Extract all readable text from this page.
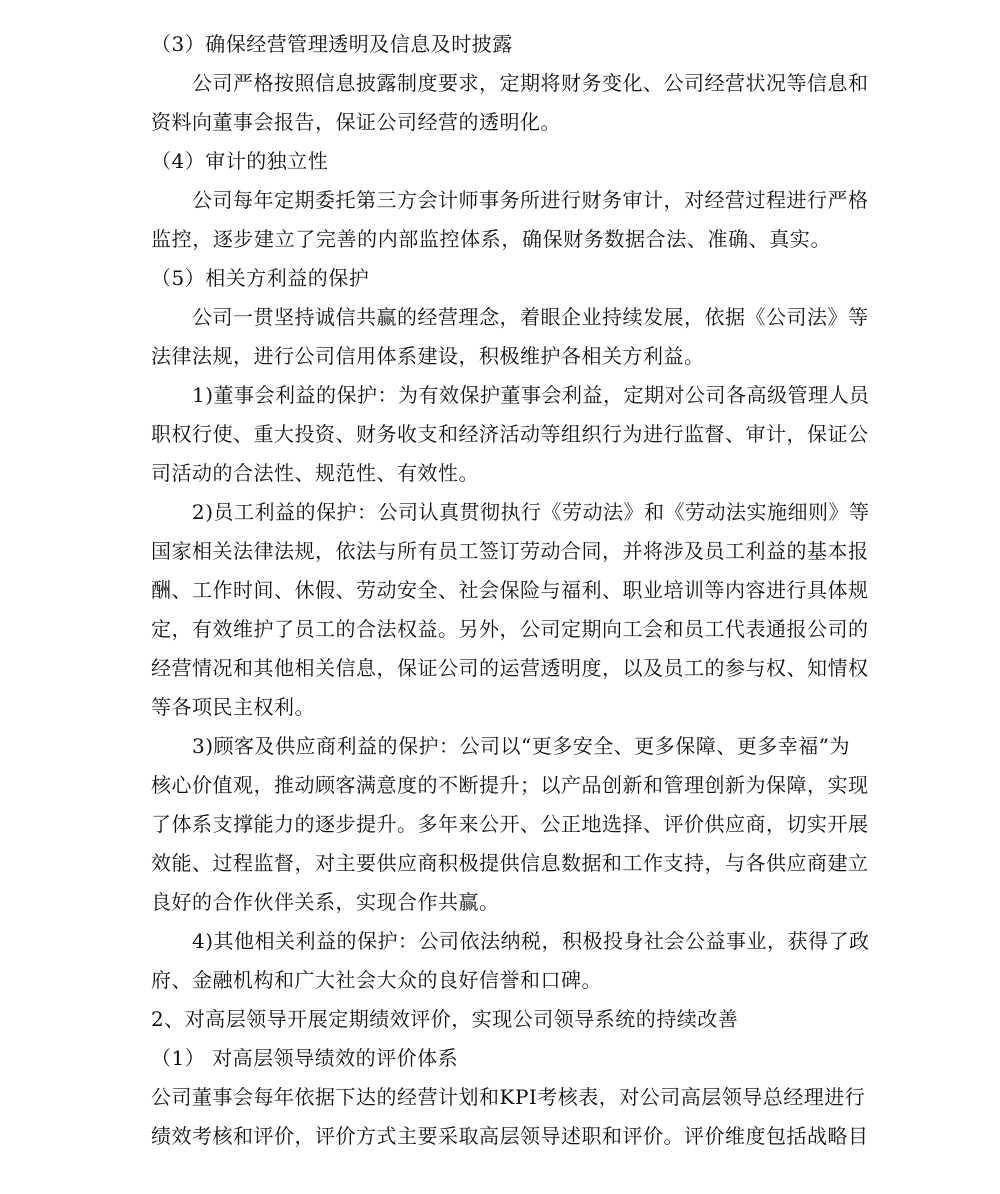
（3）确保经营管理透明及信息及时披露
公司严格按照信息披露制度要求，定期将财务变化、公司经营状况等信息和
资料向董事会报告，保证公司经营的透明化。
（4）审计的独立性
公司每年定期委托第三方会计师事务所进行财务审计，对经营过程进行严格
监控，逐步建立了完善的内部监控体系，确保财务数据合法、准确、真实。
（5）相关方利益的保护
公司一贯坚持诚信共赢的经营理念，着眼企业持续发展，依据《公司法》等
法律法规，进行公司信用体系建设，积极维护各相关方利益。
1)董事会利益的保护：为有效保护董事会利益，定期对公司各高级管理人员
职权行使、重大投资、财务收支和经济活动等组织行为进行监督、审计，保证公
司活动的合法性、规范性、有效性。
2)员工利益的保护：公司认真贯彻执行《劳动法》和《劳动法实施细则》等
国家相关法律法规，依法与所有员工签订劳动合同，并将涉及员工利益的基本报
酬、工作时间、休假、劳动安全、社会保险与福利、职业培训等内容进行具体规
定，有效维护了员工的合法权益。另外，公司定期向工会和员工代表通报公司的
经营情况和其他相关信息，保证公司的运营透明度，以及员工的参与权、知情权
等各项民主权利。
3)顾客及供应商利益的保护：公司以“更多安全、更多保障、更多幸福”为
核心价值观，推动顾客满意度的不断提升；以产品创新和管理创新为保障，实现
了体系支撑能力的逐步提升。多年来公开、公正地选择、评价供应商，切实开展
效能、过程监督，对主要供应商积极提供信息数据和工作支持，与各供应商建立
良好的合作伙伴关系，实现合作共赢。
4)其他相关利益的保护：公司依法纳税，积极投身社会公益事业，获得了政
府、金融机构和广大社会大众的良好信誉和口碑。
2、对高层领导开展定期绩效评价，实现公司领导系统的持续改善
（1） 对高层领导绩效的评价体系
公司董事会每年依据下达的经营计划和KPI考核表，对公司高层领导总经理进行
绩效考核和评价，评价方式主要采取高层领导述职和评价。评价维度包括战略目
